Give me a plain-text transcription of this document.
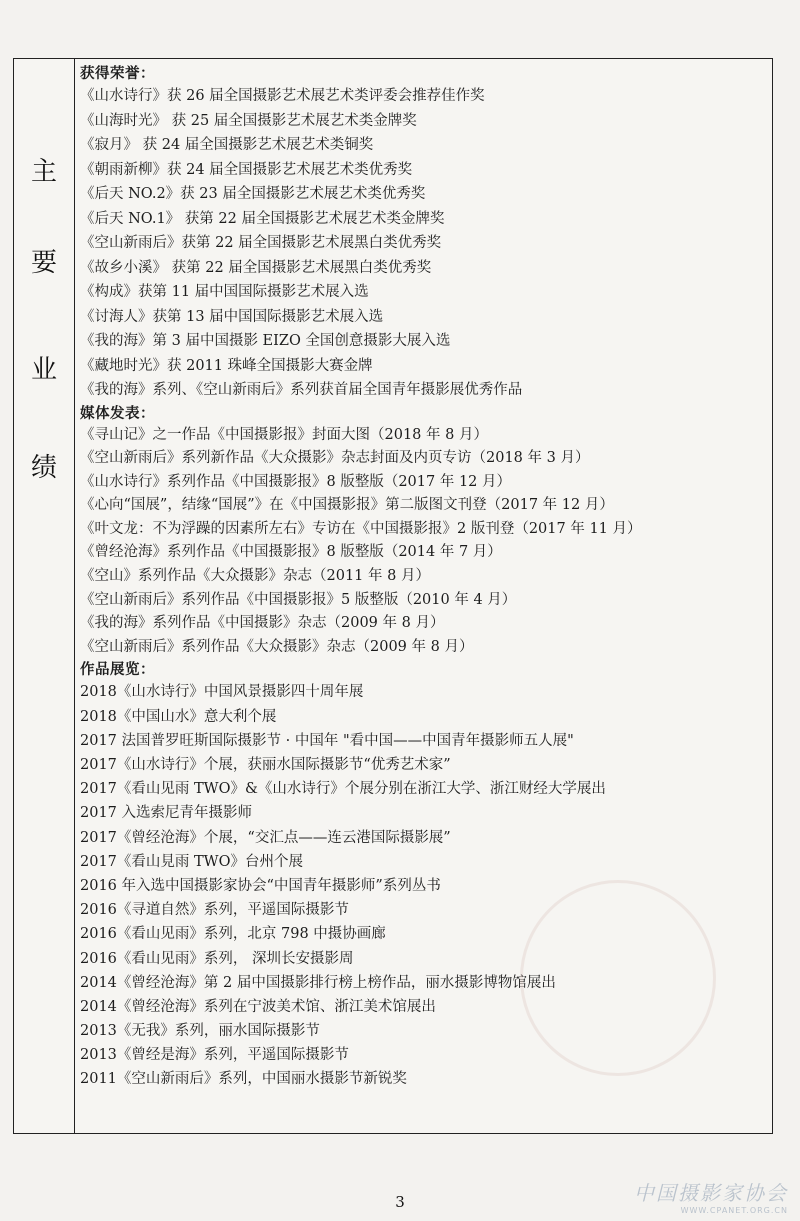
主
要
业
绩
获得荣誉：
《山水诗行》获 26 届全国摄影艺术展艺术类评委会推荐佳作奖
《山海时光》 获 25 届全国摄影艺术展艺术类金牌奖
《寂月》 获 24 届全国摄影艺术展艺术类铜奖
《朝雨新柳》获 24 届全国摄影艺术展艺术类优秀奖
《后天 NO.2》获 23 届全国摄影艺术展艺术类优秀奖
《后天 NO.1》 获第 22 届全国摄影艺术展艺术类金牌奖
《空山新雨后》获第 22 届全国摄影艺术展黑白类优秀奖
《故乡小溪》 获第 22 届全国摄影艺术展黑白类优秀奖
《构成》获第 11 届中国国际摄影艺术展入选
《讨海人》获第 13 届中国国际摄影艺术展入选
《我的海》第 3 届中国摄影 EIZO 全国创意摄影大展入选
《藏地时光》获 2011 珠峰全国摄影大赛金牌
《我的海》系列、《空山新雨后》系列获首届全国青年摄影展优秀作品
媒体发表：
《寻山记》之一作品《中国摄影报》封面大图（2018 年 8 月）
《空山新雨后》系列新作品《大众摄影》杂志封面及内页专访（2018 年 3 月）
《山水诗行》系列作品《中国摄影报》8 版整版（2017 年 12 月）
《心向“国展”，结缘“国展”》在《中国摄影报》第二版图文刊登（2017 年 12 月）
《叶文龙：不为浮躁的因素所左右》专访在《中国摄影报》2 版刊登（2017 年 11 月）
《曾经沧海》系列作品《中国摄影报》8 版整版（2014 年 7 月）
《空山》系列作品《大众摄影》杂志（2011 年 8 月）
《空山新雨后》系列作品《中国摄影报》5 版整版（2010 年 4 月）
《我的海》系列作品《中国摄影》杂志（2009 年 8 月）
《空山新雨后》系列作品《大众摄影》杂志（2009 年 8 月）
作品展览：
2018《山水诗行》中国风景摄影四十周年展
2018《中国山水》意大利个展
2017 法国普罗旺斯国际摄影节 · 中国年 "看中国——中国青年摄影师五人展"
2017《山水诗行》个展，获丽水国际摄影节“优秀艺术家”
2017《看山见雨 TWO》&《山水诗行》个展分别在浙江大学、浙江财经大学展出
2017 入选索尼青年摄影师
2017《曾经沧海》个展，“交汇点——连云港国际摄影展”
2017《看山見雨 TWO》台州个展
2016 年入选中国摄影家协会“中国青年摄影师”系列丛书
2016《寻道自然》系列，平遥国际摄影节
2016《看山见雨》系列，北京 798 中摄协画廊
2016《看山见雨》系列， 深圳长安摄影周
2014《曾经沧海》第 2 届中国摄影排行榜上榜作品，丽水摄影博物馆展出
2014《曾经沧海》系列在宁波美术馆、浙江美术馆展出
2013《无我》系列，丽水国际摄影节
2013《曾经是海》系列，平遥国际摄影节
2011《空山新雨后》系列，中国丽水摄影节新锐奖
3	中国摄影家协会
WWW.CPANET.ORG.CN
